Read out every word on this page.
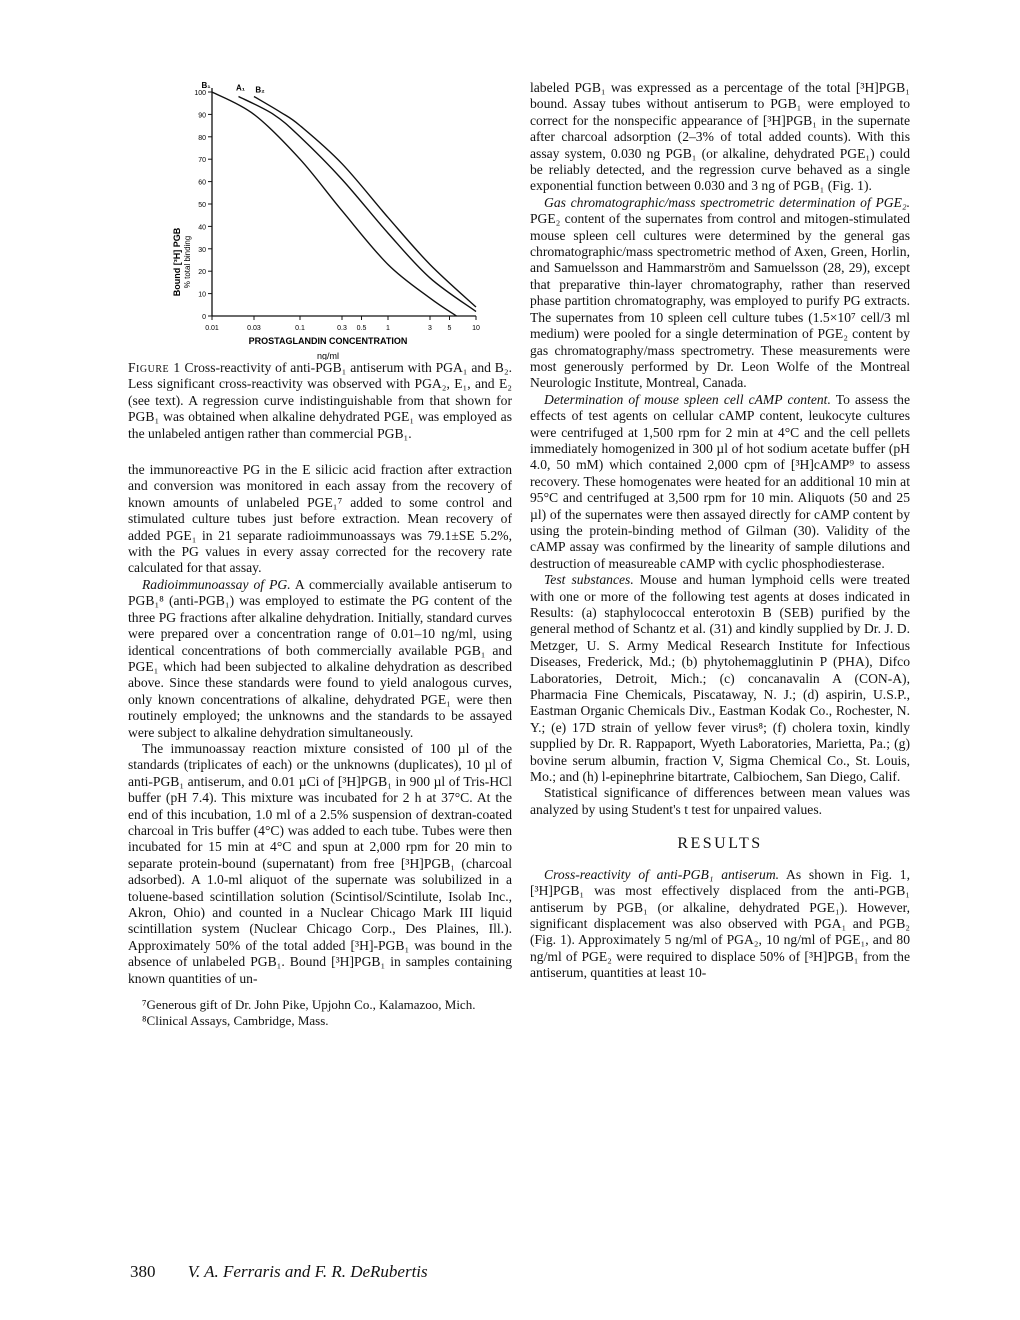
100
90
80
70
60
50
40
30
20
10
0
0.01	0.03	0.1	0.3 0.5	1	3 5	10
B₁	A₁ B₂
Bound [³H] PGB % total binding
PROSTAGLANDIN CONCENTRATION
ng/ml

Figure 1 Cross-reactivity of anti-PGB₁ antiserum with PGA₁ and B₂. Less significant cross-reactivity was observed with PGA₂, E₁, and E₂ (see text). A regression curve indistinguishable from that shown for PGB₁ was obtained when alkaline dehydrated PGE₁ was employed as the unlabeled antigen rather than commercial PGB₁.

the immunoreactive PG in the E silicic acid fraction after extraction and conversion was monitored in each assay from the recovery of known amounts of unlabeled PGE₁⁷ added to some control and stimulated culture tubes just before extraction. Mean recovery of added PGE₁ in 21 separate radioimmunoassays was 79.1±SE 5.2%, with the PG values in every assay corrected for the recovery rate calculated for that assay.

Radioimmunoassay of PG. A commercially available antiserum to PGB₁⁸ (anti-PGB₁) was employed to estimate the PG content of the three PG fractions after alkaline dehydration. Initially, standard curves were prepared over a concentration range of 0.01–10 ng/ml, using identical concentrations of both commercially available PGB₁ and PGE₁ which had been subjected to alkaline dehydration as described above. Since these standards were found to yield analogous curves, only known concentrations of alkaline, dehydrated PGE₁ were then routinely employed; the unknowns and the standards to be assayed were subject to alkaline dehydration simultaneously.

The immunoassay reaction mixture consisted of 100 µl of the standards (triplicates of each) or the unknowns (duplicates), 10 µl of anti-PGB₁ antiserum, and 0.01 µCi of [³H]PGB₁ in 900 µl of Tris-HCl buffer (pH 7.4). This mixture was incubated for 2 h at 37°C. At the end of this incubation, 1.0 ml of a 2.5% suspension of dextran-coated charcoal in Tris buffer (4°C) was added to each tube. Tubes were then incubated for 15 min at 4°C and spun at 2,000 rpm for 20 min to separate protein-bound (supernatant) from free [³H]PGB₁ (charcoal adsorbed). A 1.0-ml aliquot of the supernate was solubilized in a toluene-based scintillation solution (Scintisol/Scintilute, Isolab Inc., Akron, Ohio) and counted in a Nuclear Chicago Mark III liquid scintillation system (Nuclear Chicago Corp., Des Plaines, Ill.). Approximately 50% of the total added [³H]-PGB₁ was bound in the absence of unlabeled PGB₁. Bound [³H]PGB₁ in samples containing known quantities of un-

⁷Generous gift of Dr. John Pike, Upjohn Co., Kalamazoo, Mich.

⁸Clinical Assays, Cambridge, Mass.

labeled PGB₁ was expressed as a percentage of the total [³H]PGB₁ bound. Assay tubes without antiserum to PGB₁ were employed to correct for the nonspecific appearance of [³H]PGB₁ in the supernate after charcoal adsorption (2–3% of total added counts). With this assay system, 0.030 ng PGB₁ (or alkaline, dehydrated PGE₁) could be reliably detected, and the regression curve behaved as a single exponential function between 0.030 and 3 ng of PGB₁ (Fig. 1).

Gas chromatographic/mass spectrometric determination of PGE₂. PGE₂ content of the supernates from control and mitogen-stimulated mouse spleen cell cultures were determined by the general gas chromatographic/mass spectrometric method of Axen, Green, Horlin, and Samuelsson and Hammarström and Samuelsson (28, 29), except that preparative thin-layer chromatography, rather than reserved phase partition chromatography, was employed to purify PG extracts. The supernates from 10 spleen cell culture tubes (1.5×10⁷ cell/3 ml medium) were pooled for a single determination of PGE₂ content by gas chromatography/mass spectrometry. These measurements were most generously performed by Dr. Leon Wolfe of the Montreal Neurologic Institute, Montreal, Canada.

Determination of mouse spleen cell cAMP content. To assess the effects of test agents on cellular cAMP content, leukocyte cultures were centrifuged at 1,500 rpm for 2 min at 4°C and the cell pellets immediately homogenized in 300 µl of hot sodium acetate buffer (pH 4.0, 50 mM) which contained 2,000 cpm of [³H]cAMP⁹ to assess recovery. These homogenates were heated for an additional 10 min at 95°C and centrifuged at 3,500 rpm for 10 min. Aliquots (50 and 25 µl) of the supernates were then assayed directly for cAMP content by using the protein-binding method of Gilman (30). Validity of the cAMP assay was confirmed by the linearity of sample dilutions and destruction of measureable cAMP with cyclic phosphodiesterase.

Test substances. Mouse and human lymphoid cells were treated with one or more of the following test agents at doses indicated in Results: (a) staphylococcal enterotoxin B (SEB) purified by the general method of Schantz et al. (31) and kindly supplied by Dr. J. D. Metzger, U. S. Army Medical Research Institute for Infectious Diseases, Frederick, Md.; (b) phytohemagglutinin P (PHA), Difco Laboratories, Detroit, Mich.; (c) concanavalin A (CON-A), Pharmacia Fine Chemicals, Piscataway, N. J.; (d) aspirin, U.S.P., Eastman Organic Chemicals Div., Eastman Kodak Co., Rochester, N. Y.; (e) 17D strain of yellow fever virus⁸; (f) cholera toxin, kindly supplied by Dr. R. Rappaport, Wyeth Laboratories, Marietta, Pa.; (g) bovine serum albumin, fraction V, Sigma Chemical Co., St. Louis, Mo.; and (h) l-epinephrine bitartrate, Calbiochem, San Diego, Calif.

Statistical significance of differences between mean values was analyzed by using Student's t test for unpaired values.

RESULTS

Cross-reactivity of anti-PGB₁ antiserum. As shown in Fig. 1, [³H]PGB₁ was most effectively displaced from the anti-PGB₁ antiserum by PGB₁ (or alkaline, dehydrated PGE₁). However, significant displacement was also observed with PGA₁ and PGB₂ (Fig. 1). Approximately 5 ng/ml of PGA₂, 10 ng/ml of PGE₁, and 80 ng/ml of PGE₂ were required to displace 50% of [³H]PGB₁ from the antiserum, quantities at least 10-

380 V. A. Ferraris and F. R. DeRubertis
